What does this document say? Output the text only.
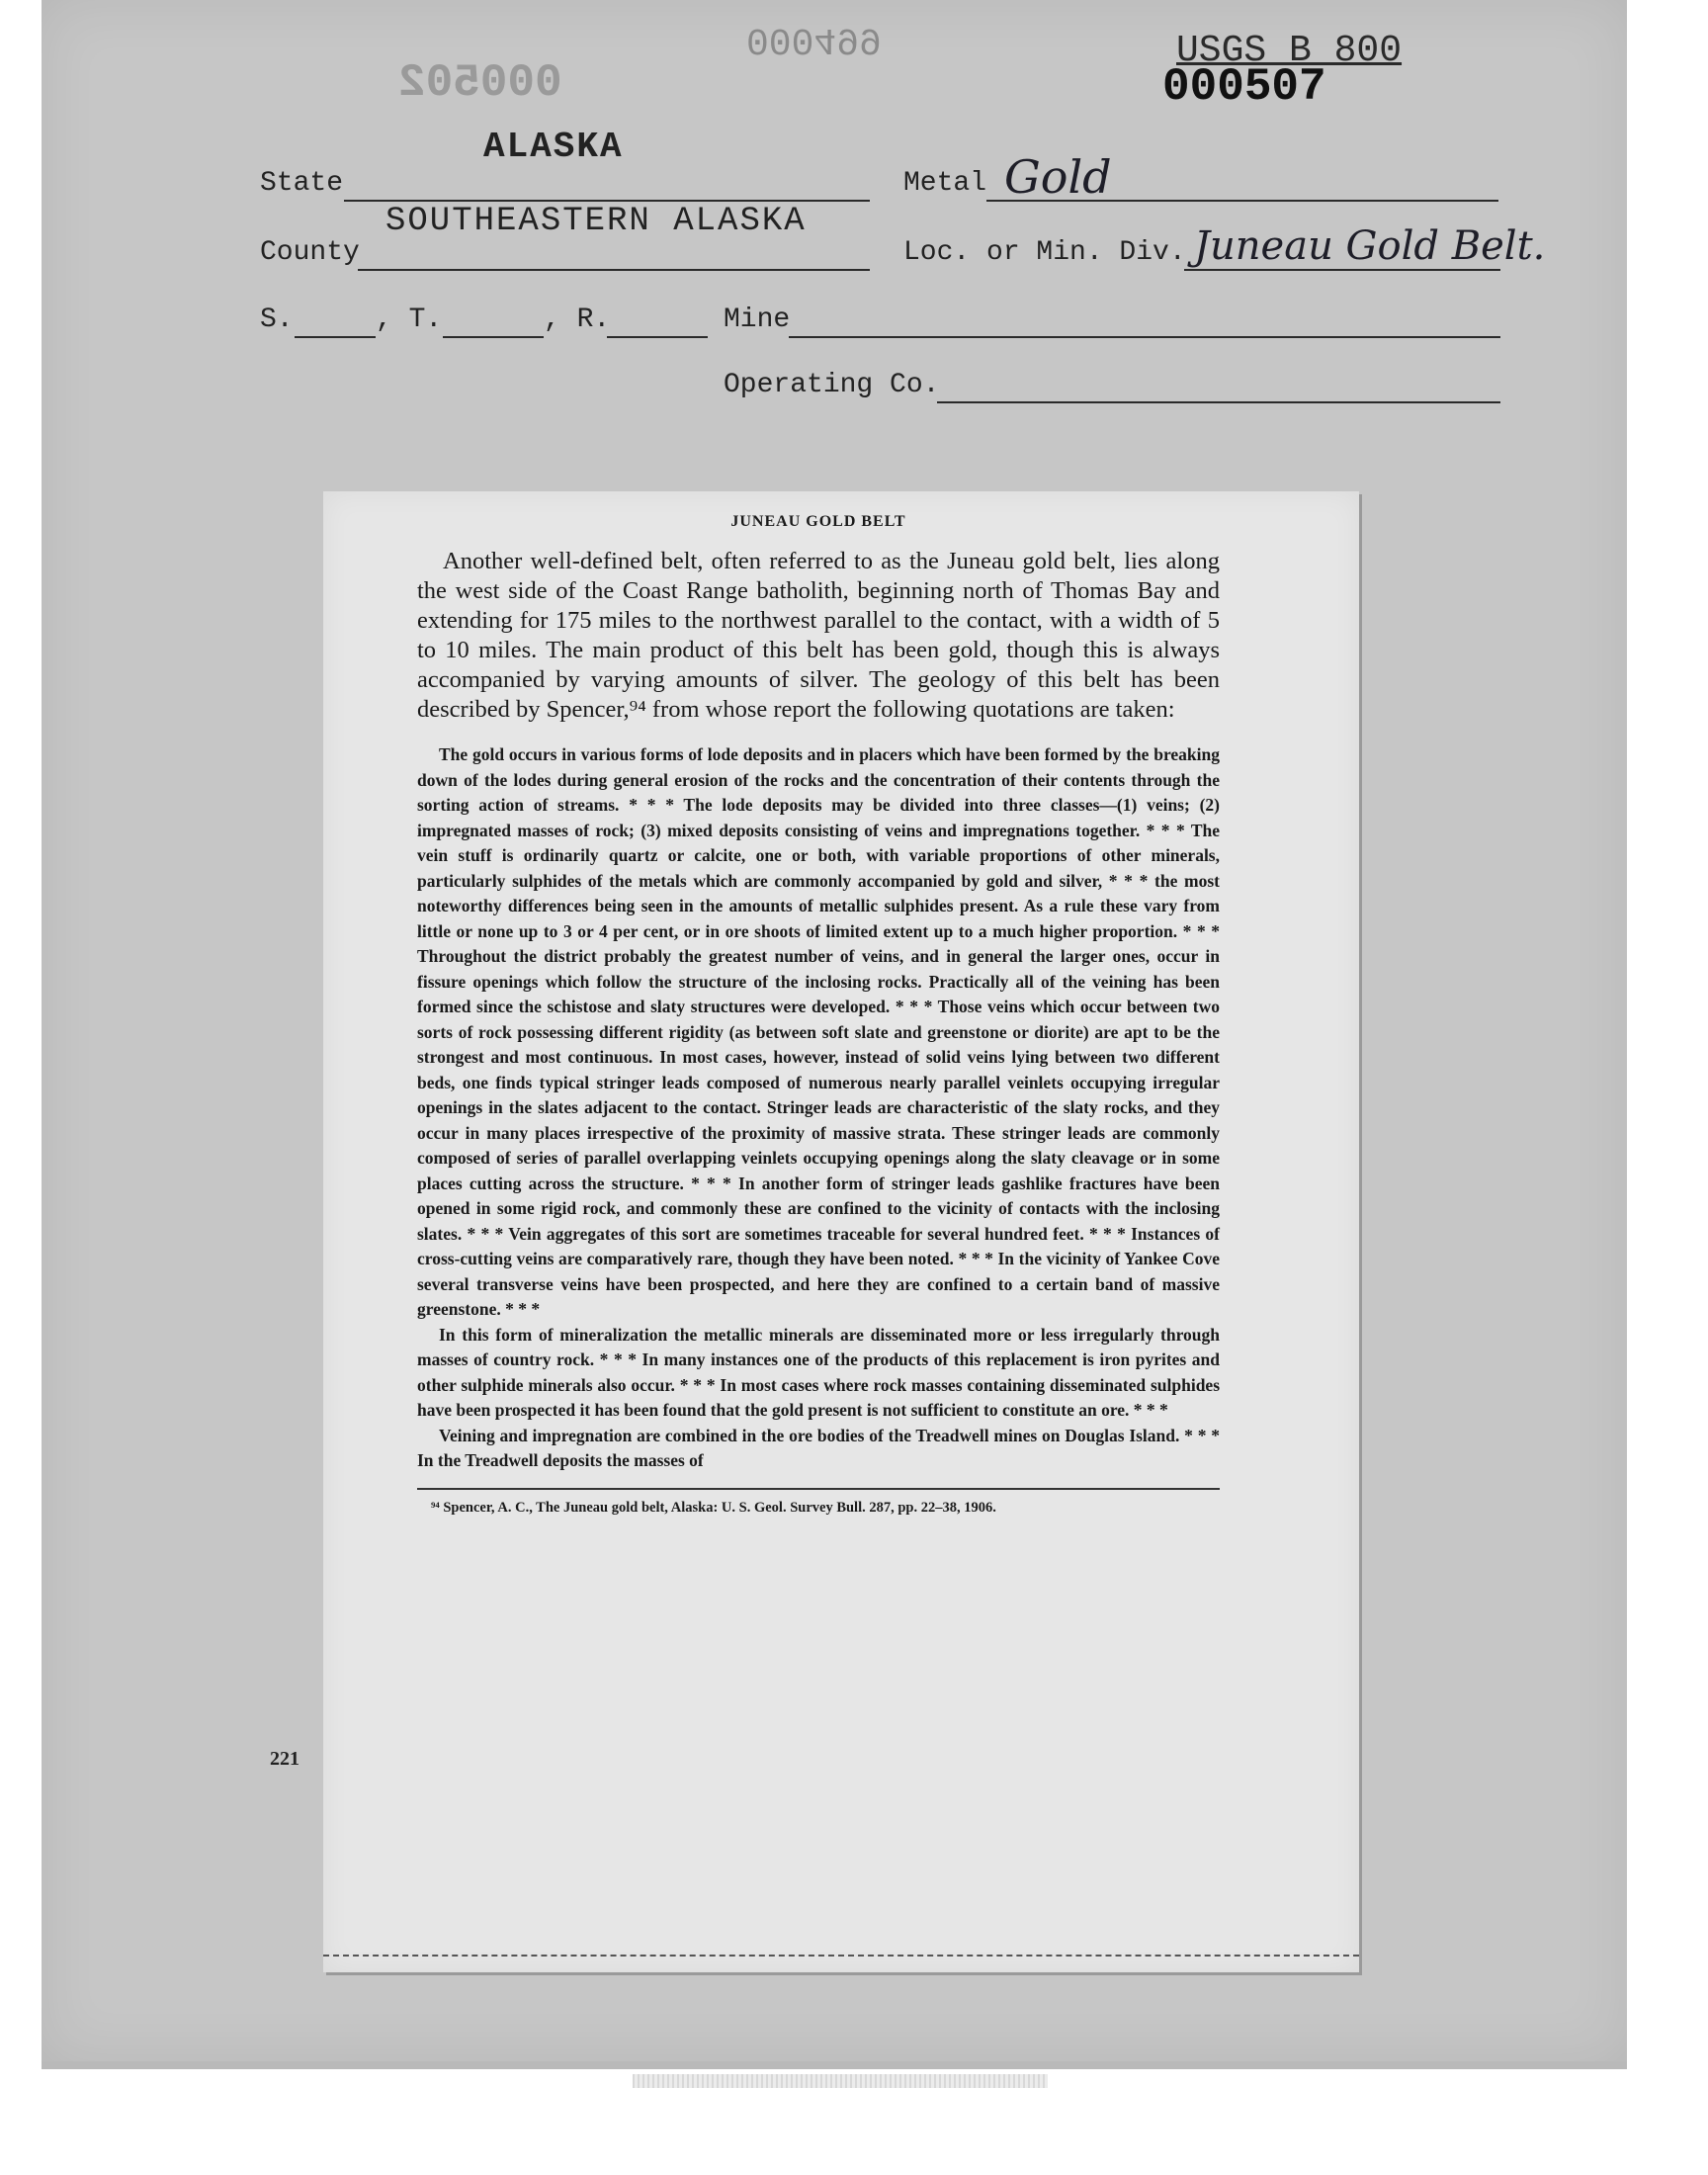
000499
000502
USGS B 800
000507
ALASKA
State	Metal Gold
SOUTHEASTERN ALASKA
County	Loc. or Min. Div. Juneau Gold Belt.
S.	, T.	, R.	Mine
Operating Co.

JUNEAU GOLD BELT

Another well-defined belt, often referred to as the Juneau gold belt, lies along the west side of the Coast Range batholith, beginning north of Thomas Bay and extending for 175 miles to the northwest parallel to the contact, with a width of 5 to 10 miles. The main product of this belt has been gold, though this is always accompanied by varying amounts of silver. The geology of this belt has been described by Spencer,⁹⁴ from whose report the following quotations are taken:

The gold occurs in various forms of lode deposits and in placers which have been formed by the breaking down of the lodes during general erosion of the rocks and the concentration of their contents through the sorting action of streams. * * * The lode deposits may be divided into three classes—(1) veins; (2) impregnated masses of rock; (3) mixed deposits consisting of veins and impregnations together. * * * The vein stuff is ordinarily quartz or calcite, one or both, with variable proportions of other minerals, particularly sulphides of the metals which are commonly accompanied by gold and silver, * * * the most noteworthy differences being seen in the amounts of metallic sulphides present. As a rule these vary from little or none up to 3 or 4 per cent, or in ore shoots of limited extent up to a much higher proportion. * * * Throughout the district probably the greatest number of veins, and in general the larger ones, occur in fissure openings which follow the structure of the inclosing rocks. Practically all of the veining has been formed since the schistose and slaty structures were developed. * * * Those veins which occur between two sorts of rock possessing different rigidity (as between soft slate and greenstone or diorite) are apt to be the strongest and most continuous. In most cases, however, instead of solid veins lying between two different beds, one finds typical stringer leads composed of numerous nearly parallel veinlets occupying irregular openings in the slates adjacent to the contact. Stringer leads are characteristic of the slaty rocks, and they occur in many places irrespective of the proximity of massive strata. These stringer leads are commonly composed of series of parallel overlapping veinlets occupying openings along the slaty cleavage or in some places cutting across the structure. * * * In another form of stringer leads gashlike fractures have been opened in some rigid rock, and commonly these are confined to the vicinity of contacts with the inclosing slates. * * * Vein aggregates of this sort are sometimes traceable for several hundred feet. * * * Instances of cross-cutting veins are comparatively rare, though they have been noted. * * * In the vicinity of Yankee Cove several transverse veins have been prospected, and here they are confined to a certain band of massive greenstone. * * *

In this form of mineralization the metallic minerals are disseminated more or less irregularly through masses of country rock. * * * In many instances one of the products of this replacement is iron pyrites and other sulphide minerals also occur. * * * In most cases where rock masses containing disseminated sulphides have been prospected it has been found that the gold present is not sufficient to constitute an ore. * * *

Veining and impregnation are combined in the ore bodies of the Treadwell mines on Douglas Island. * * * In the Treadwell deposits the masses of

⁹⁴ Spencer, A. C., The Juneau gold belt, Alaska: U. S. Geol. Survey Bull. 287, pp. 22–38, 1906.

221
